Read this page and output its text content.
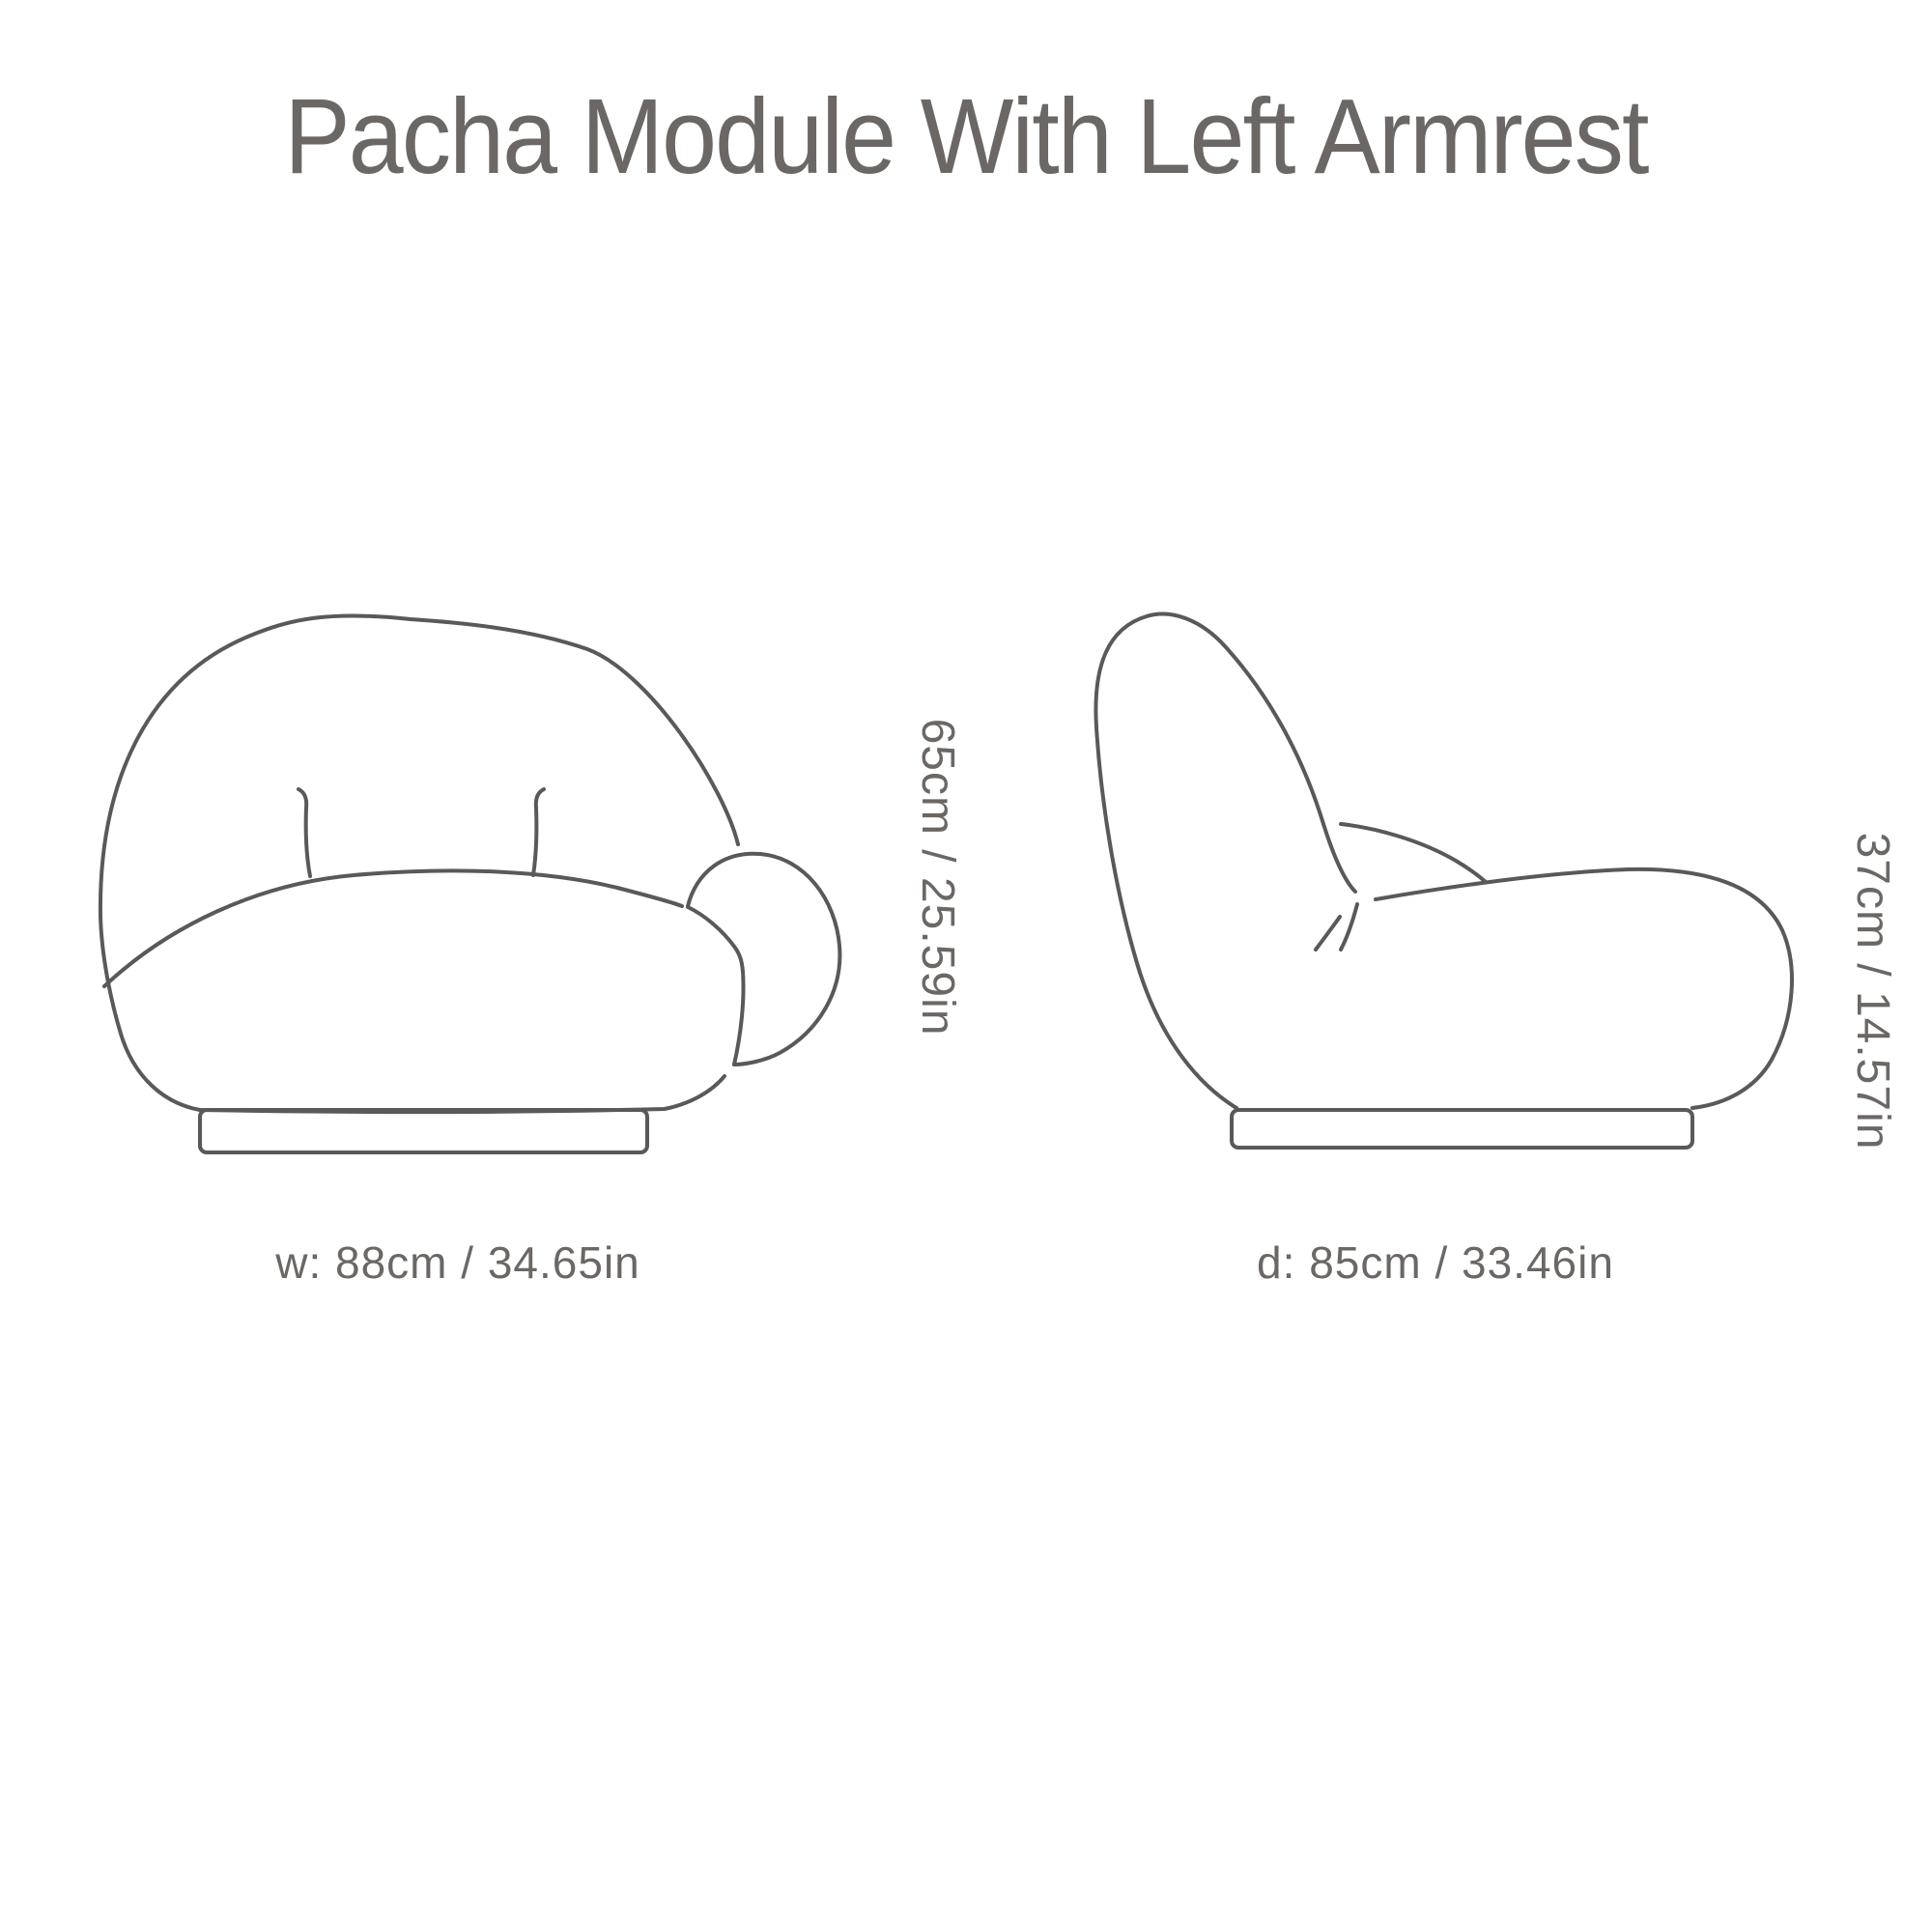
Pacha Module With Left Armrest
65cm / 25.59in	37cm / 14.57in
w: 88cm / 34.65in	d: 85cm / 33.46in
